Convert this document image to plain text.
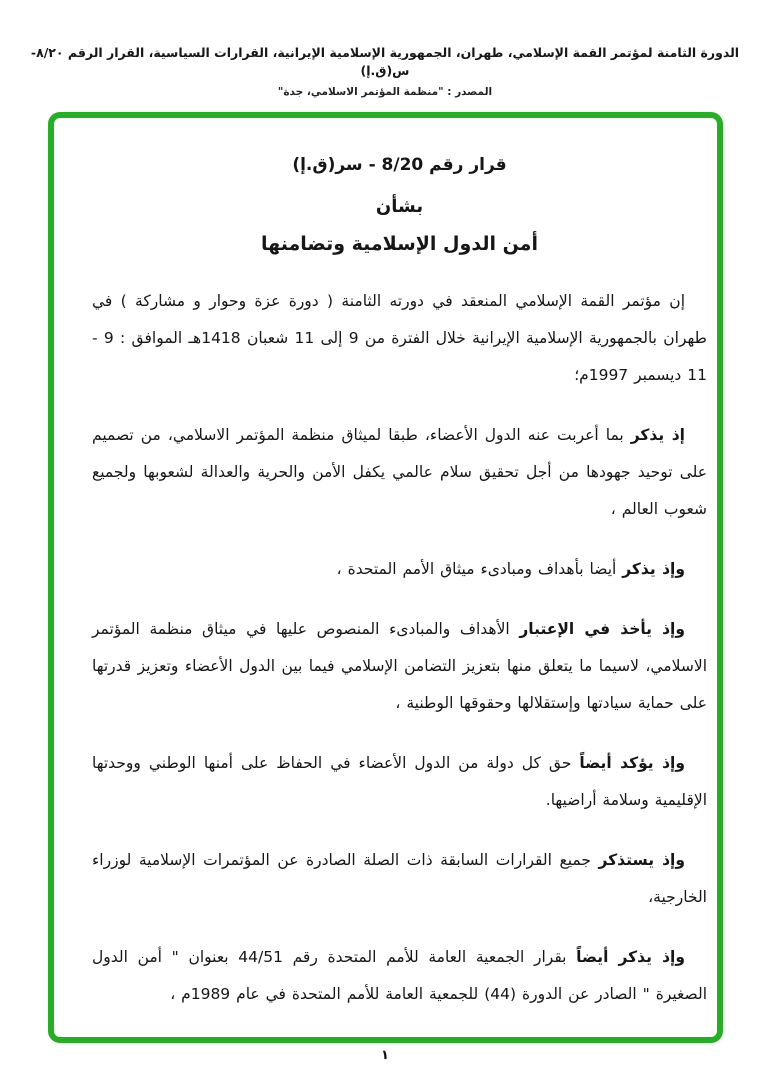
الدورة الثامنة لمؤتمر القمة الإسلامي، طهران، الجمهورية الإسلامية الإيرانية، القرارات السياسية، القرار الرقم ٨/٢٠-س(ق.إ)
المصدر : "منظمة المؤتمر الاسلامي، جدة"
قرار رقم 8/20 - سر(ق.إ)
بشأن
أمن الدول الإسلامية وتضامنها

إن مؤتمر القمة الإسلامي المنعقد في دورته الثامنة ( دورة عزة وحوار و مشاركة ) في طهران بالجمهورية الإسلامية الإيرانية خلال الفترة من 9 إلى 11 شعبان 1418هـ الموافق : 9 - 11 ديسمبر 1997م؛

إذ يذكر بما أعربت عنه الدول الأعضاء، طبقا لميثاق منظمة المؤتمر الاسلامي، من تصميم على توحيد جهودها من أجل تحقيق سلام عالمي يكفل الأمن والحرية والعدالة لشعوبها ولجميع شعوب العالم ،

وإذ يذكر أيضا بأهداف ومبادىء ميثاق الأمم المتحدة ،

وإذ يأخذ في الإعتبار الأهداف والمبادىء المنصوص عليها في ميثاق منظمة المؤتمر الاسلامي، لاسيما ما يتعلق منها بتعزيز التضامن الإسلامي فيما بين الدول الأعضاء وتعزيز قدرتها على حماية سيادتها وإستقلالها وحقوقها الوطنية ،

وإذ يؤكد أيضاً حق كل دولة من الدول الأعضاء في الحفاظ على أمنها الوطني ووحدتها الإقليمية وسلامة أراضيها.

وإذ يستذكر جميع القرارات السابقة ذات الصلة الصادرة عن المؤتمرات الإسلامية لوزراء الخارجية،

وإذ يذكر أيضاً بقرار الجمعية العامة للأمم المتحدة رقم 44/51 بعنوان " أمن الدول الصغيرة " الصادر عن الدورة (44) للجمعية العامة للأمم المتحدة في عام 1989م ،

١
